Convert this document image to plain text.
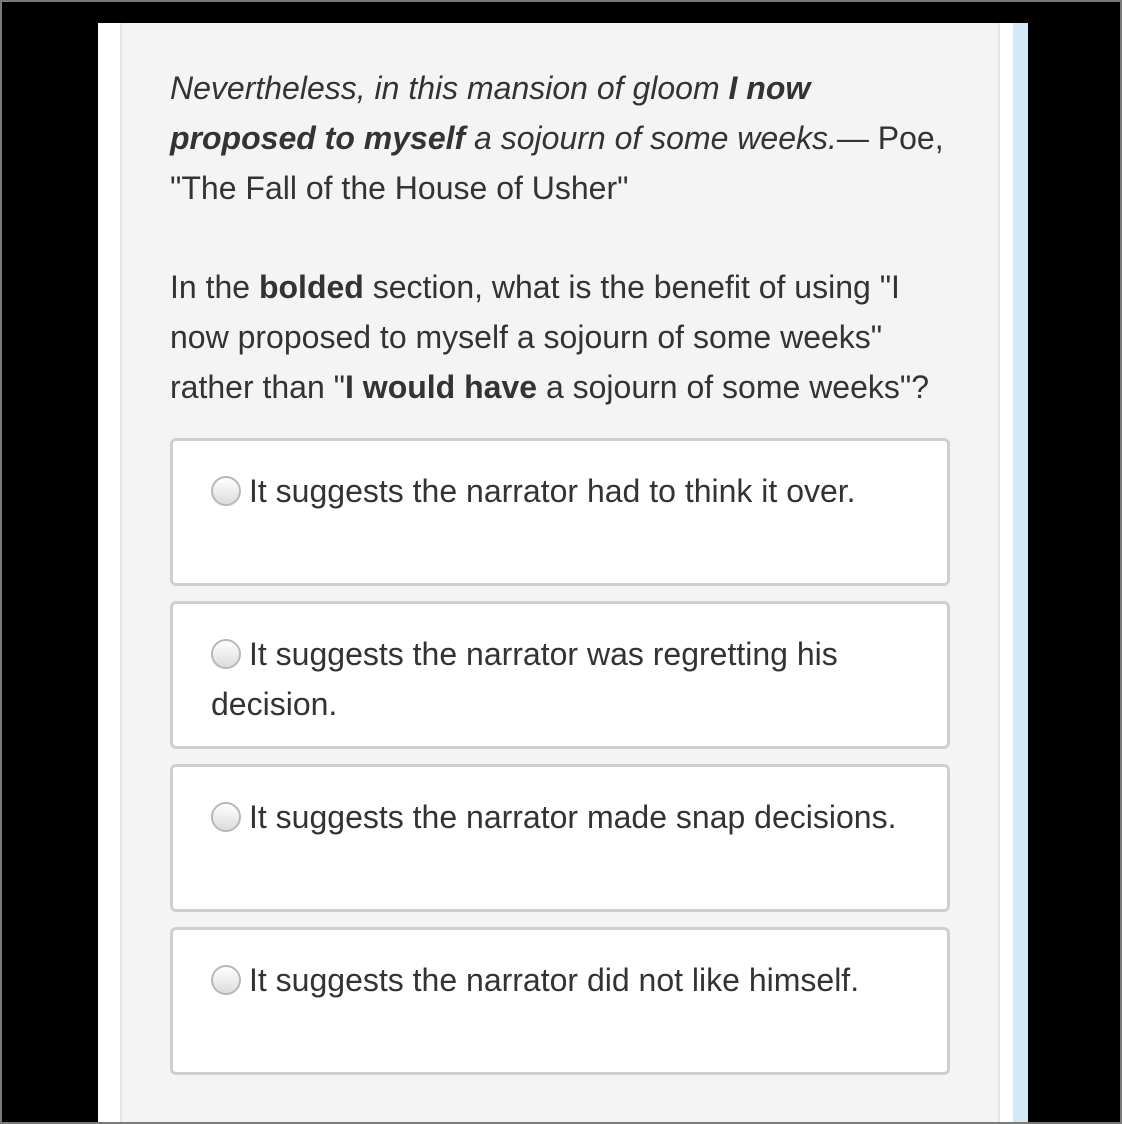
Nevertheless, in this mansion of gloom I now proposed to myself a sojourn of some weeks.— Poe, "The Fall of the House of Usher"

In the bolded section, what is the benefit of using "I now proposed to myself a sojourn of some weeks" rather than "I would have a sojourn of some weeks"?

It suggests the narrator had to think it over.
It suggests the narrator was regretting his decision.
It suggests the narrator made snap decisions.
It suggests the narrator did not like himself.
